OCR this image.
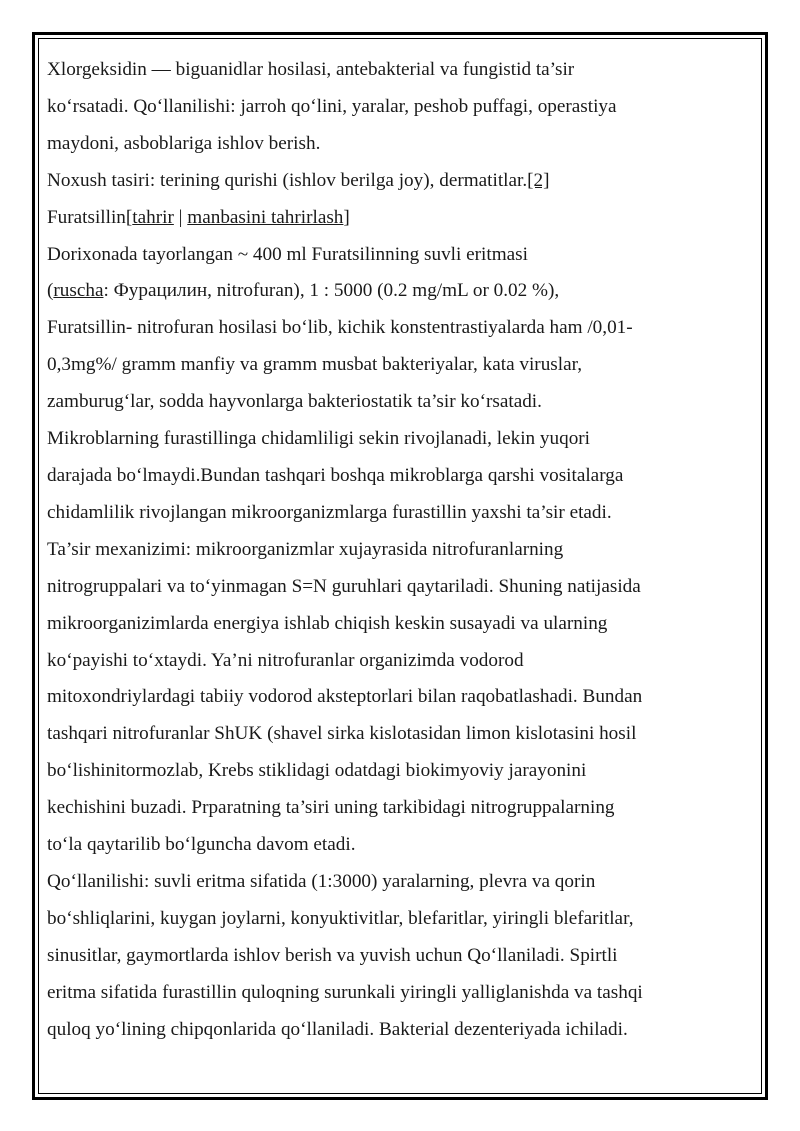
Xlorgeksidin — biguanidlar hosilasi, antebakterial va fungistid ta’sir
ko‘rsatadi. Qo‘llanilishi: jarroh qo‘lini, yaralar, peshob puffagi, operastiya
maydoni, asboblariga ishlov berish.
Noxush tasiri: terining qurishi (ishlov berilga joy), dermatitlar.[2]
Furatsillin[tahrir | manbasini tahrirlash]
Dorixonada tayorlangan ~ 400 ml Furatsilinning suvli eritmasi
(ruscha: Фурацилин, nitrofuran), 1 : 5000 (0.2 mg/mL or 0.02 %),
Furatsillin- nitrofuran hosilasi bo‘lib, kichik konstentrastiyalarda ham /0,01-
0,3mg%/ gramm manfiy va gramm musbat bakteriyalar, kata viruslar,
zamburug‘lar, sodda hayvonlarga bakteriostatik ta’sir ko‘rsatadi.
Mikroblarning furastillinga chidamliligi sekin rivojlanadi, lekin yuqori
darajada bo‘lmaydi.Bundan tashqari boshqa mikroblarga qarshi vositalarga
chidamlilik rivojlangan mikroorganizmlarga furastillin yaxshi ta’sir etadi.
Ta’sir mexanizimi: mikroorganizmlar xujayrasida nitrofuranlarning
nitrogruppalari va to‘yinmagan S=N guruhlari qaytariladi. Shuning natijasida
mikroorganizimlarda energiya ishlab chiqish keskin susayadi va ularning
ko‘payishi to‘xtaydi. Ya’ni nitrofuranlar organizimda vodorod
mitoxondriylardagi tabiiy vodorod aksteptorlari bilan raqobatlashadi. Bundan
tashqari nitrofuranlar ShUK (shavel sirka kislotasidan limon kislotasini hosil
bo‘lishinitormozlab, Krebs stiklidagi odatdagi biokimyoviy jarayonini
kechishini buzadi. Prparatning ta’siri uning tarkibidagi nitrogruppalarning
to‘la qaytarilib bo‘lguncha davom etadi.
Qo‘llanilishi: suvli eritma sifatida (1:3000) yaralarning, plevra va qorin
bo‘shliqlarini, kuygan joylarni, konyuktivitlar, blefaritlar, yiringli blefaritlar,
sinusitlar, gaymortlarda ishlov berish va yuvish uchun Qo‘llaniladi. Spirtli
eritma sifatida furastillin quloqning surunkali yiringli yalliglanishda va tashqi
quloq yo‘lining chipqonlarida qo‘llaniladi. Bakterial dezenteriyada ichiladi.
